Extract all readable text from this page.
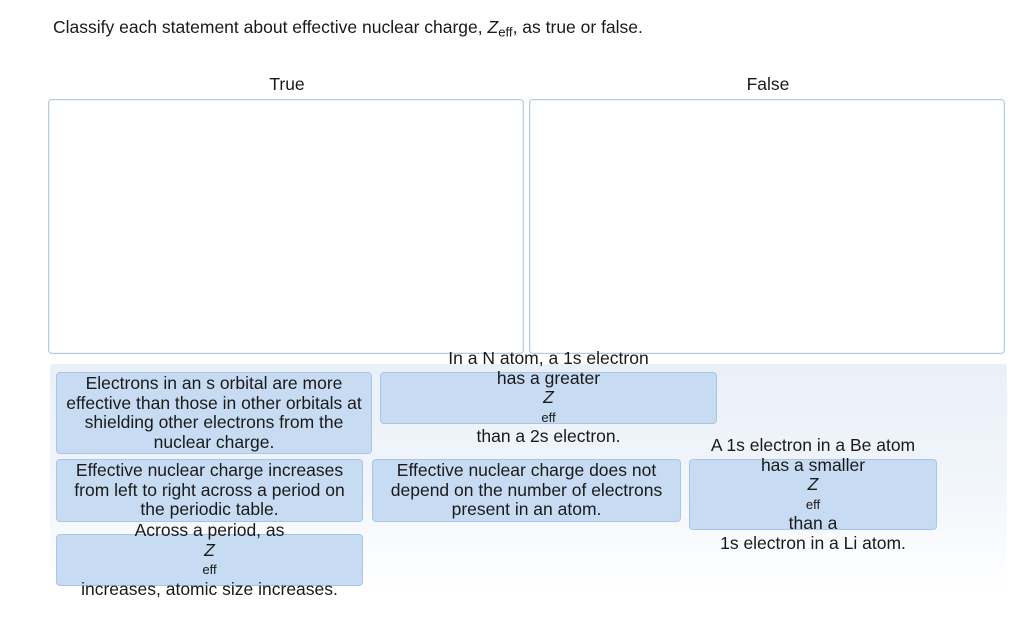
Classify each statement about effective nuclear charge, $Z_{eff}$, as true or false.
True	False
Electrons in an s orbital are more effective than those in other orbitals at shielding other electrons from the nuclear charge.
In a N atom, a 1s electron
has a greater
Z
eff
than a 2s electron.
Effective nuclear charge increases from left to right across a period on the periodic table.
Effective nuclear charge does not depend on the number of electrons present in an atom.
A 1s electron in a Be atom
has a smaller
Z
eff
than a
1s electron in a Li atom.
Across a period, as
Z
eff
increases, atomic size increases.
